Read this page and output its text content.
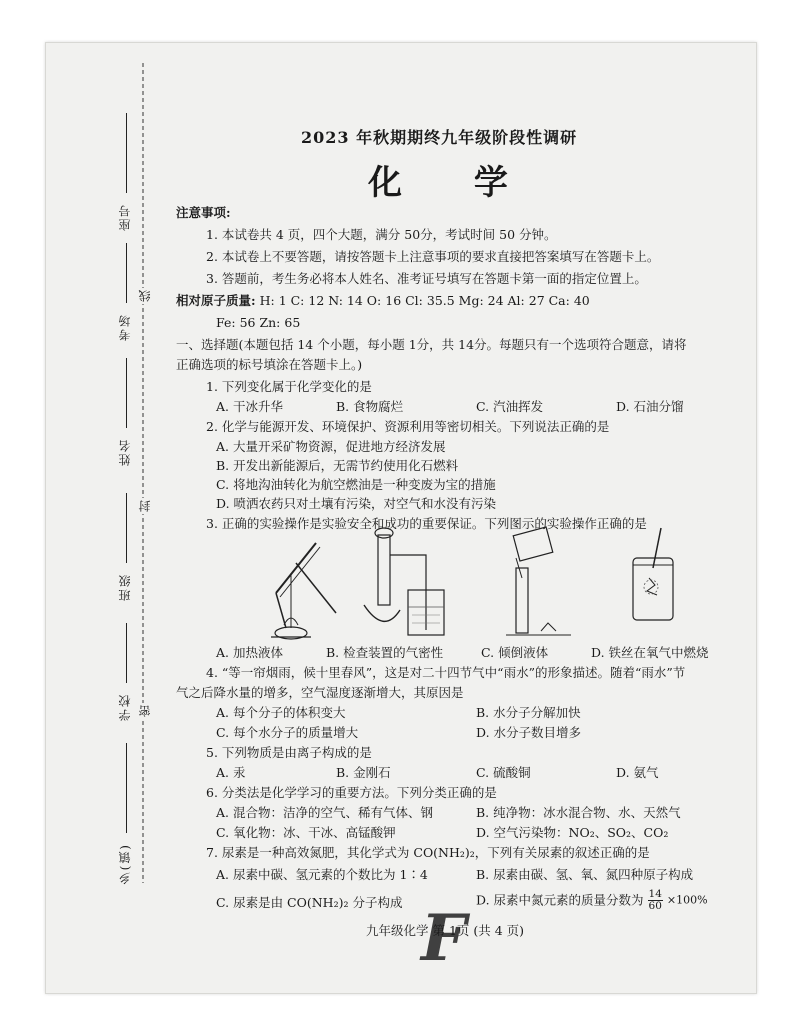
座号
考场
姓名
班级
学校
乡(镇)
线
封
密
2023 年秋期期终九年级阶段性调研
化 学
注意事项:
1. 本试卷共 4 页，四个大题，满分 50分，考试时间 50 分钟。
2. 本试卷上不要答题，请按答题卡上注意事项的要求直接把答案填写在答题卡上。
3. 答题前，考生务必将本人姓名、准考证号填写在答题卡第一面的指定位置上。
相对原子质量: H: 1 C: 12 N: 14 O: 16 Cl: 35.5 Mg: 24 Al: 27 Ca: 40
Fe: 56 Zn: 65
一、选择题(本题包括 14 个小题，每小题 1分，共 14分。每题只有一个选项符合题意，请将
正确选项的标号填涂在答题卡上。)
1. 下列变化属于化学变化的是
A. 干冰升华	B. 食物腐烂	C. 汽油挥发	D. 石油分馏
2. 化学与能源开发、环境保护、资源利用等密切相关。下列说法正确的是
A. 大量开采矿物资源，促进地方经济发展
B. 开发出新能源后，无需节约使用化石燃料
C. 将地沟油转化为航空燃油是一种变废为宝的措施
D. 喷洒农药只对土壤有污染，对空气和水没有污染
3. 正确的实验操作是实验安全和成功的重要保证。下列图示的实验操作正确的是
A. 加热液体	B. 检查装置的气密性	C. 倾倒液体	D. 铁丝在氧气中燃烧
4. “等一帘烟雨，候十里春风”，这是对二十四节气中“雨水”的形象描述。随着“雨水”节
气之后降水量的增多，空气湿度逐渐增大，其原因是
A. 每个分子的体积变大	B. 水分子分解加快
C. 每个水分子的质量增大	D. 水分子数目增多
5. 下列物质是由离子构成的是
A. 汞	B. 金刚石	C. 硫酸铜	D. 氨气
6. 分类法是化学学习的重要方法。下列分类正确的是
A. 混合物：洁净的空气、稀有气体、钢	B. 纯净物：冰水混合物、水、天然气
C. 氧化物：冰、干冰、高锰酸钾	D. 空气污染物：NO₂、SO₂、CO₂
7. 尿素是一种高效氮肥，其化学式为 CO(NH₂)₂，下列有关尿素的叙述正确的是
A. 尿素中碳、氢元素的个数比为 1∶4	B. 尿素由碳、氢、氧、氮四种原子构成
C. 尿素是由 CO(NH₂)₂ 分子构成	D. 尿素中氮元素的质量分数为 $\frac{14}{60} \times 100\%$
F
九年级化学 第 1页 (共 4 页)
